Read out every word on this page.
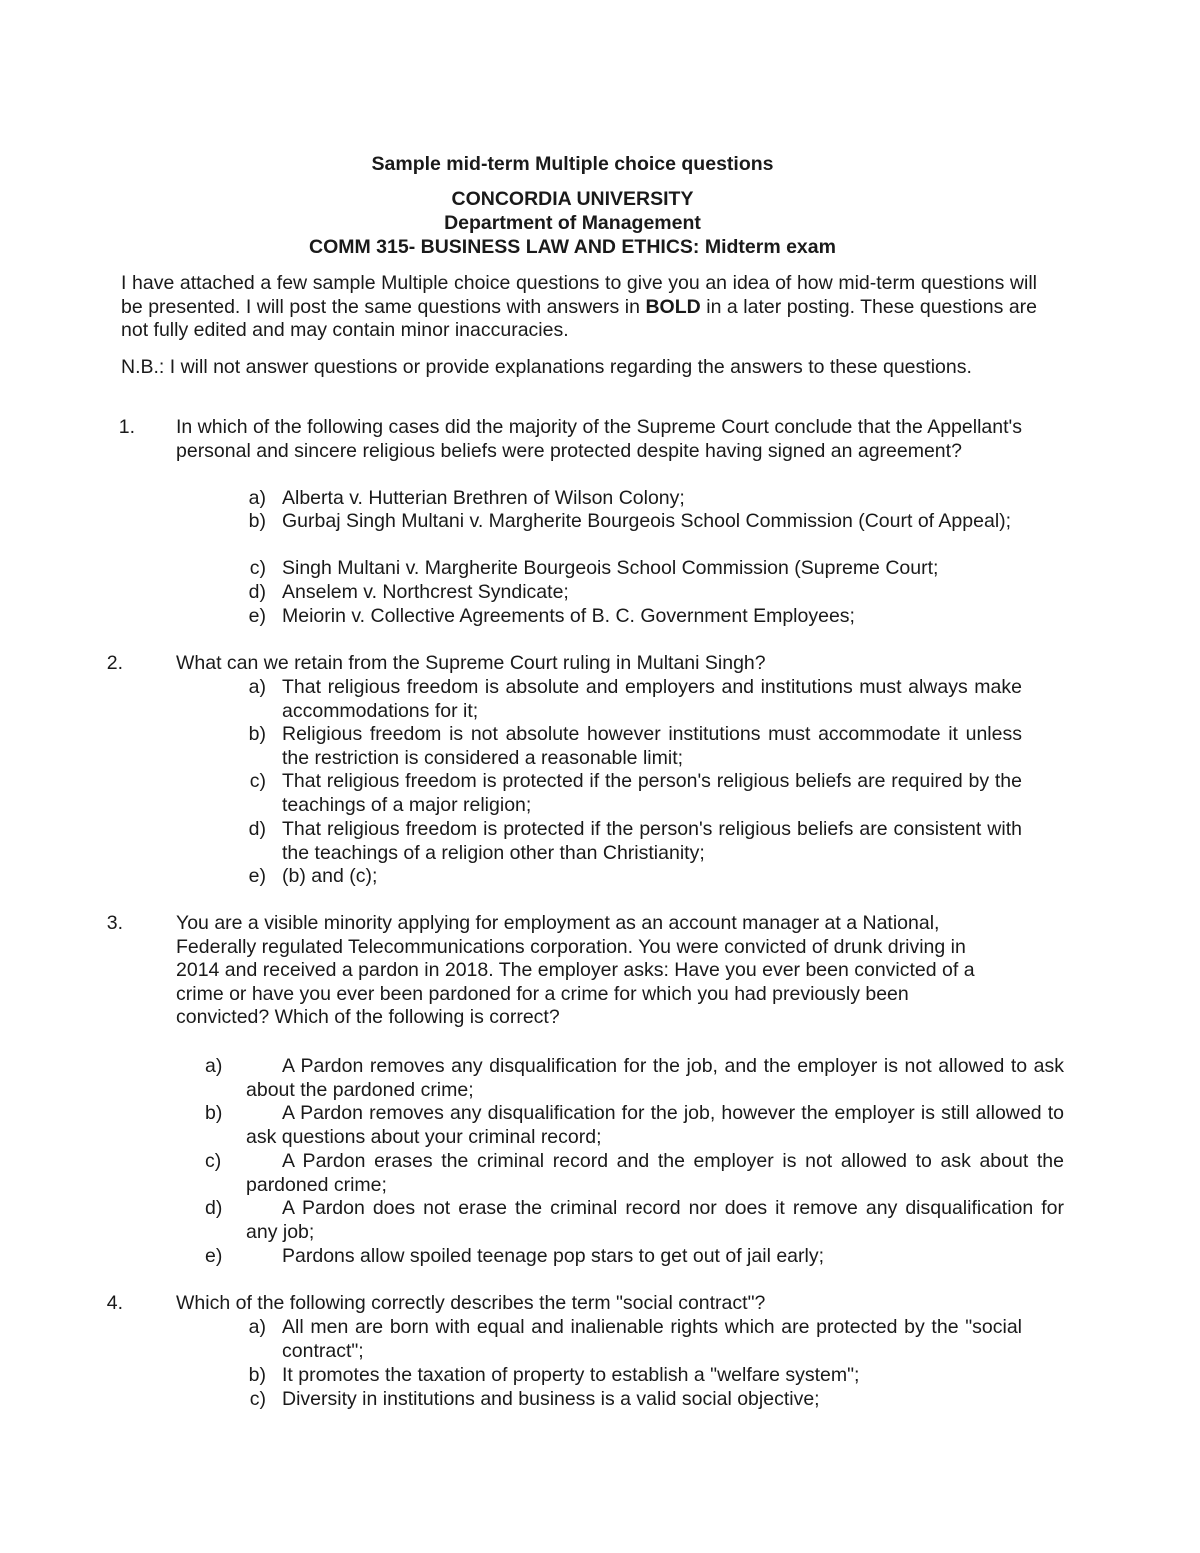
Sample mid-term Multiple choice questions
CONCORDIA UNIVERSITY
Department of Management
COMM 315- BUSINESS LAW AND ETHICS: Midterm exam
I have attached a few sample Multiple choice questions to give you an idea of how mid-term questions will be presented. I will post the same questions with answers in BOLD in a later posting. These questions are not fully edited and may contain minor inaccuracies.
N.B.: I will not answer questions or provide explanations regarding the answers to these questions.
1. In which of the following cases did the majority of the Supreme Court conclude that the Appellant's personal and sincere religious beliefs were protected despite having signed an agreement?
a) Alberta v. Hutterian Brethren of Wilson Colony;
b) Gurbaj Singh Multani v. Margherite Bourgeois School Commission (Court of Appeal);
c) Singh Multani v. Margherite Bourgeois School Commission (Supreme Court;
d) Anselem v. Northcrest Syndicate;
e) Meiorin v. Collective Agreements of B. C. Government Employees;
2.	What can we retain from the Supreme Court ruling in Multani Singh?
a) That religious freedom is absolute and employers and institutions must always make accommodations for it;
b) Religious freedom is not absolute however institutions must accommodate it unless the restriction is considered a reasonable limit;
c) That religious freedom is protected if the person's religious beliefs are required by the teachings of a major religion;
d) That religious freedom is protected if the person's religious beliefs are consistent with the teachings of a religion other than Christianity;
e) (b) and (c);
3.	You are a visible minority applying for employment as an account manager at a National,
Federally regulated Telecommunications corporation. You were convicted of drunk driving in
2014 and received a pardon in 2018. The employer asks: Have you ever been convicted of a
crime or have you ever been pardoned for a crime for which you had previously been
convicted? Which of the following is correct?
a)	A Pardon removes any disqualification for the job, and the employer is not allowed to ask about the pardoned crime;
b)	A Pardon removes any disqualification for the job, however the employer is still allowed to ask questions about your criminal record;
c)	A Pardon erases the criminal record and the employer is not allowed to ask about the pardoned crime;
d)	A Pardon does not erase the criminal record nor does it remove any disqualification for any job;
e)	Pardons allow spoiled teenage pop stars to get out of jail early;
4.	Which of the following correctly describes the term "social contract"?
a) All men are born with equal and inalienable rights which are protected by the "social contract";
b) It promotes the taxation of property to establish a "welfare system";
c) Diversity in institutions and business is a valid social objective;
